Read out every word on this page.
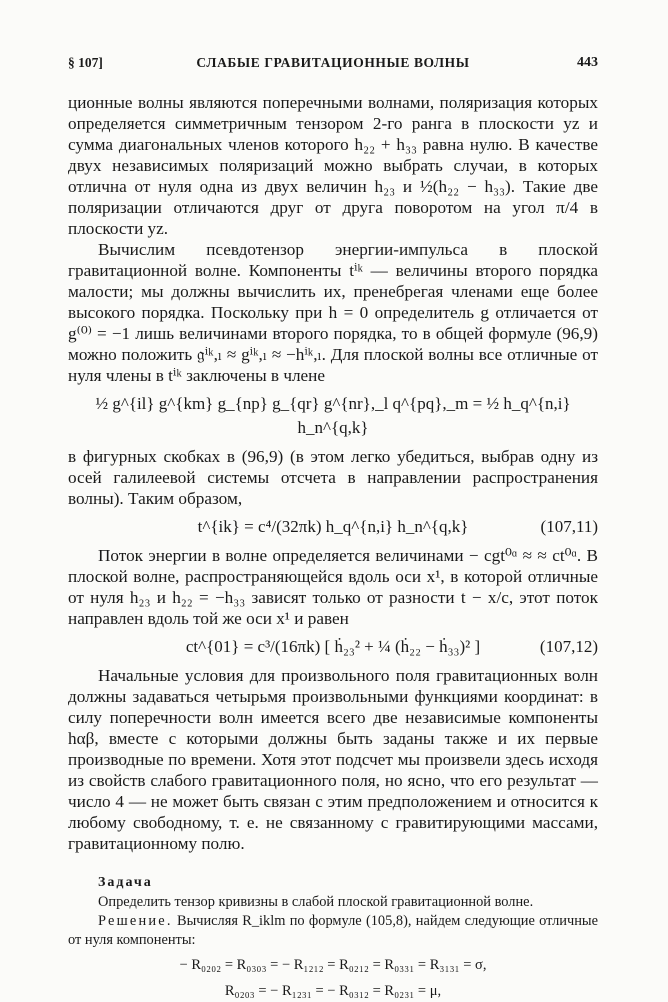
§ 107]	СЛАБЫЕ ГРАВИТАЦИОННЫЕ ВОЛНЫ	443

ционные волны являются поперечными волнами, поляризация которых определяется симметричным тензором 2-го ранга в плоскости yz и сумма диагональных членов которого h₂₂ + h₃₃ равна нулю. В качестве двух независимых поляризаций можно выбрать случаи, в которых отлична от нуля одна из двух величин h₂₃ и ½(h₂₂ − h₃₃). Такие две поляризации отличаются друг от друга поворотом на угол π/4 в плоскости yz.

Вычислим псевдотензор энергии-импульса в плоской гравитационной волне. Компоненты tⁱᵏ — величины второго порядка малости; мы должны вычислить их, пренебрегая членами еще более высокого порядка. Поскольку при h = 0 определитель g отличается от g⁽⁰⁾ = −1 лишь величинами второго порядка, то в общей формуле (96,9) можно положить 𝔤ⁱᵏ,ₗ ≈ gⁱᵏ,ₗ ≈ −hⁱᵏ,ₗ. Для плоской волны все отличные от нуля члены в tⁱᵏ заключены в члене

½ g^{il} g^{km} g_{np} g_{qr} g^{nr},_l q^{pq},_m = ½ h_q^{n,i} h_n^{q,k}

в фигурных скобках в (96,9) (в этом легко убедиться, выбрав одну из осей галилеевой системы отсчета в направлении распространения волны). Таким образом,

t^{ik} = c⁴/(32πk) h_q^{n,i} h_n^{q,k}	(107,11)

Поток энергии в волне определяется величинами − cgt⁰ᵅ ≈ ≈ ct⁰ᵅ. В плоской волне, распространяющейся вдоль оси x¹, в которой отличные от нуля h₂₃ и h₂₂ = −h₃₃ зависят только от разности t − x/c, этот поток направлен вдоль той же оси x¹ и равен

ct^{01} = c³/(16πk) [ ḣ₂₃² + ¼ (ḣ₂₂ − ḣ₃₃)² ]	(107,12)

Начальные условия для произвольного поля гравитационных волн должны задаваться четырьмя произвольными функциями координат: в силу поперечности волн имеется всего две независимые компоненты hαβ, вместе с которыми должны быть заданы также и их первые производные по времени. Хотя этот подсчет мы произвели здесь исходя из свойств слабого гравитационного поля, но ясно, что его результат — число 4 — не может быть связан с этим предположением и относится к любому свободному, т. е. не связанному с гравитирующими массами, гравитационному полю.

Задача

Определить тензор кривизны в слабой плоской гравитационной волне.

Решение. Вычисляя R_iklm по формуле (105,8), найдем следующие отличные от нуля компоненты:

− R₀₂₀₂ = R₀₃₀₃ = − R₁₂₁₂ = R₀₂₁₂ = R₀₃₃₁ = R₃₁₃₁ = σ,
R₀₂₀₃ = − R₁₂₃₁ = − R₀₃₁₂ = R₀₂₃₁ = μ,
